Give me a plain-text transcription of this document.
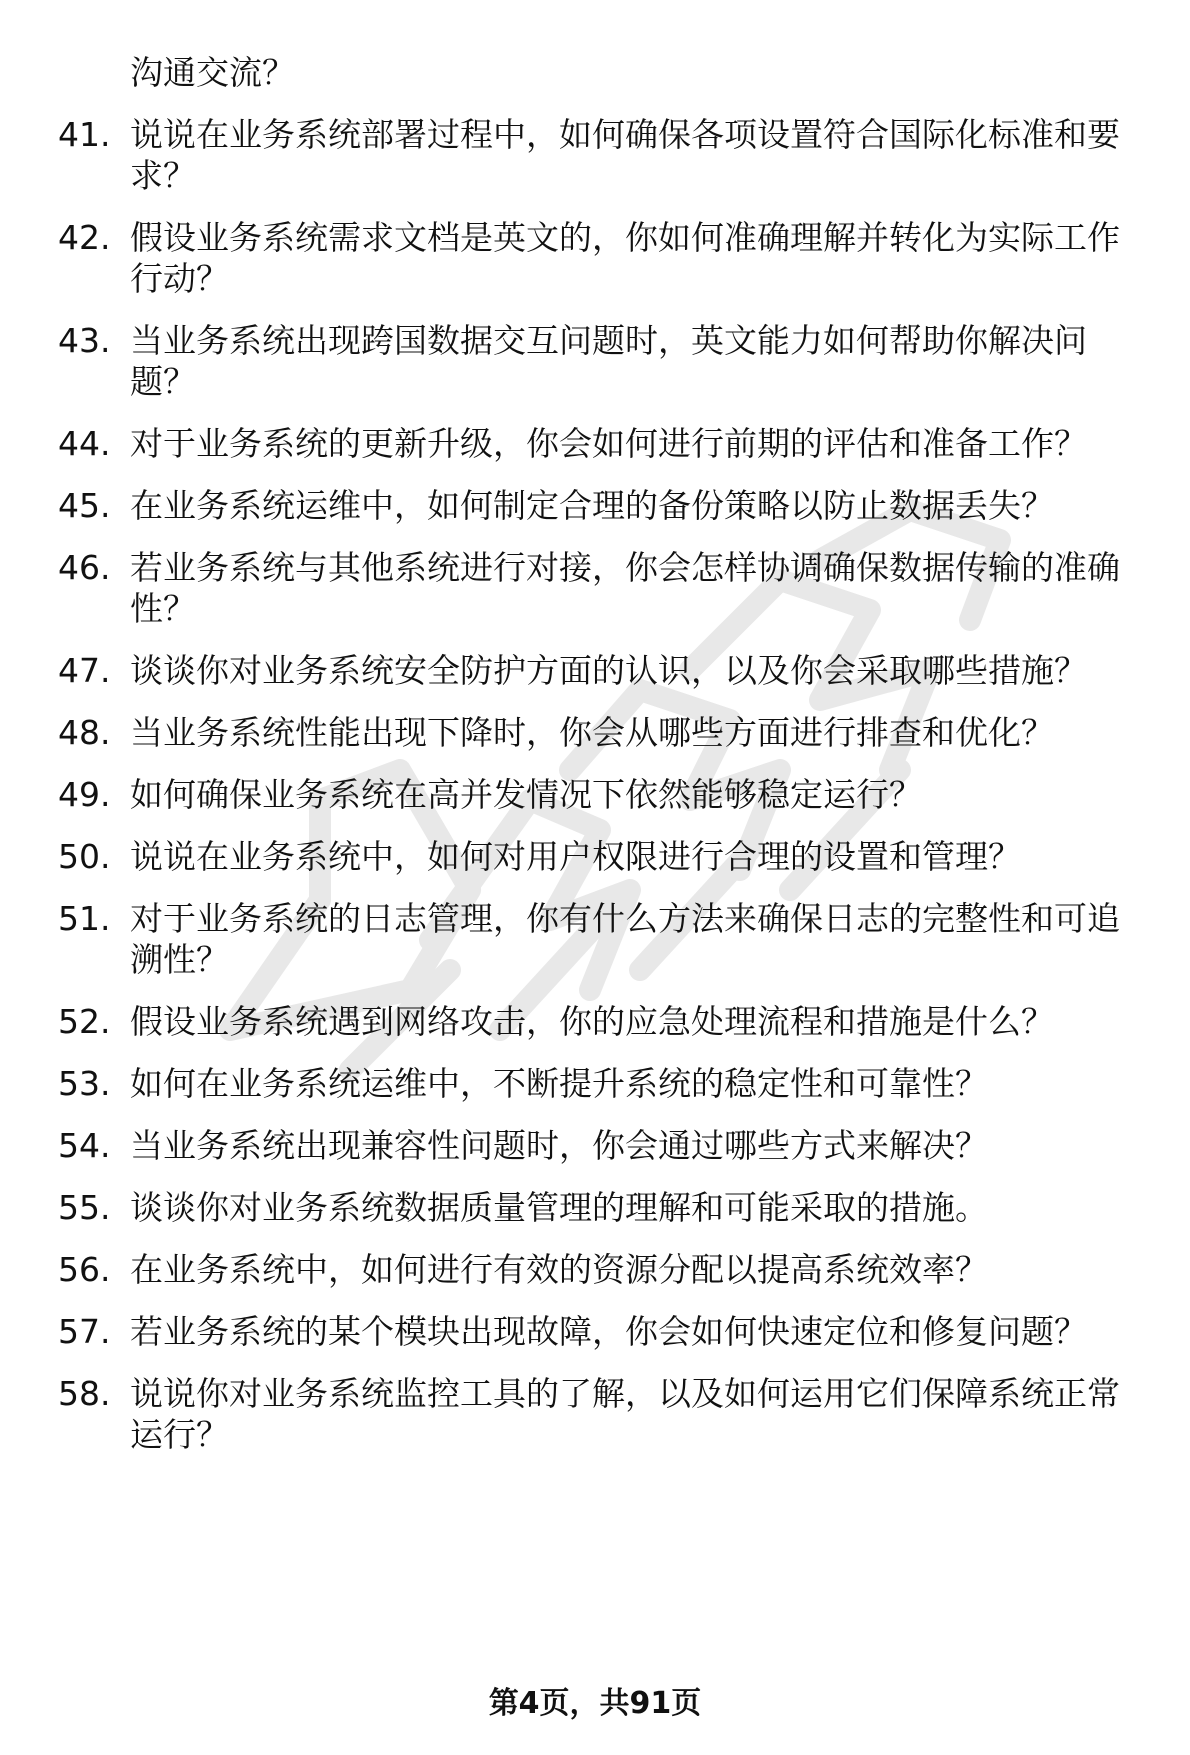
沟通交流？
41. 说说在业务系统部署过程中，如何确保各项设置符合国际化标准和要求？
42. 假设业务系统需求文档是英文的，你如何准确理解并转化为实际工作行动？
43. 当业务系统出现跨国数据交互问题时，英文能力如何帮助你解决问题？
44. 对于业务系统的更新升级，你会如何进行前期的评估和准备工作？
45. 在业务系统运维中，如何制定合理的备份策略以防止数据丢失？
46. 若业务系统与其他系统进行对接，你会怎样协调确保数据传输的准确性？
47. 谈谈你对业务系统安全防护方面的认识，以及你会采取哪些措施？
48. 当业务系统性能出现下降时，你会从哪些方面进行排查和优化？
49. 如何确保业务系统在高并发情况下依然能够稳定运行？
50. 说说在业务系统中，如何对用户权限进行合理的设置和管理？
51. 对于业务系统的日志管理，你有什么方法来确保日志的完整性和可追溯性？
52. 假设业务系统遇到网络攻击，你的应急处理流程和措施是什么？
53. 如何在业务系统运维中，不断提升系统的稳定性和可靠性？
54. 当业务系统出现兼容性问题时，你会通过哪些方式来解决？
55. 谈谈你对业务系统数据质量管理的理解和可能采取的措施。
56. 在业务系统中，如何进行有效的资源分配以提高系统效率？
57. 若业务系统的某个模块出现故障，你会如何快速定位和修复问题？
58. 说说你对业务系统监控工具的了解，以及如何运用它们保障系统正常运行？
第4页，共91页
